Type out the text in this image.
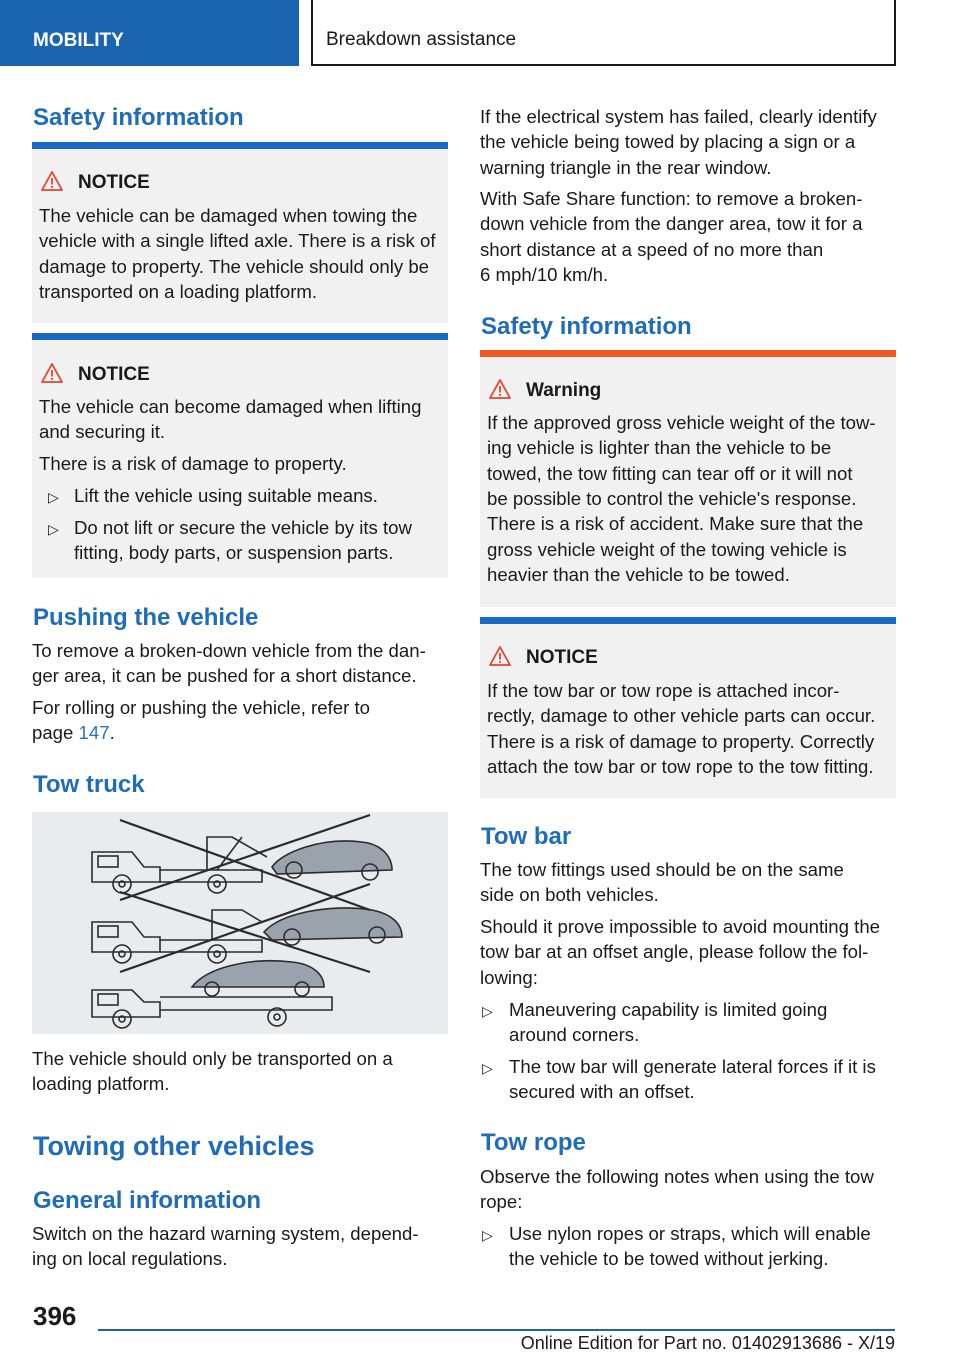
MOBILITY	Breakdown assistance
Safety information
NOTICE
The vehicle can be damaged when towing the
vehicle with a single lifted axle. There is a risk of
damage to property. The vehicle should only be
transported on a loading platform.
NOTICE
The vehicle can become damaged when lifting
and securing it.
There is a risk of damage to property.
▷ Lift the vehicle using suitable means.
▷ Do not lift or secure the vehicle by its tow
fitting, body parts, or suspension parts.
Pushing the vehicle
To remove a broken-down vehicle from the dan-
ger area, it can be pushed for a short distance.
For rolling or pushing the vehicle, refer to
page 147.
Tow truck
The vehicle should only be transported on a
loading platform.
Towing other vehicles
General information
Switch on the hazard warning system, depend-
ing on local regulations.
If the electrical system has failed, clearly identify
the vehicle being towed by placing a sign or a
warning triangle in the rear window.
With Safe Share function: to remove a broken-
down vehicle from the danger area, tow it for a
short distance at a speed of no more than
6 mph/10 km/h.
Safety information
Warning
If the approved gross vehicle weight of the tow-
ing vehicle is lighter than the vehicle to be
towed, the tow fitting can tear off or it will not
be possible to control the vehicle's response.
There is a risk of accident. Make sure that the
gross vehicle weight of the towing vehicle is
heavier than the vehicle to be towed.
NOTICE
If the tow bar or tow rope is attached incor-
rectly, damage to other vehicle parts can occur.
There is a risk of damage to property. Correctly
attach the tow bar or tow rope to the tow fitting.
Tow bar
The tow fittings used should be on the same
side on both vehicles.
Should it prove impossible to avoid mounting the
tow bar at an offset angle, please follow the fol-
lowing:
▷ Maneuvering capability is limited going
around corners.
▷ The tow bar will generate lateral forces if it is
secured with an offset.
Tow rope
Observe the following notes when using the tow
rope:
▷ Use nylon ropes or straps, which will enable
the vehicle to be towed without jerking.
396
Online Edition for Part no. 01402913686 - X/19
